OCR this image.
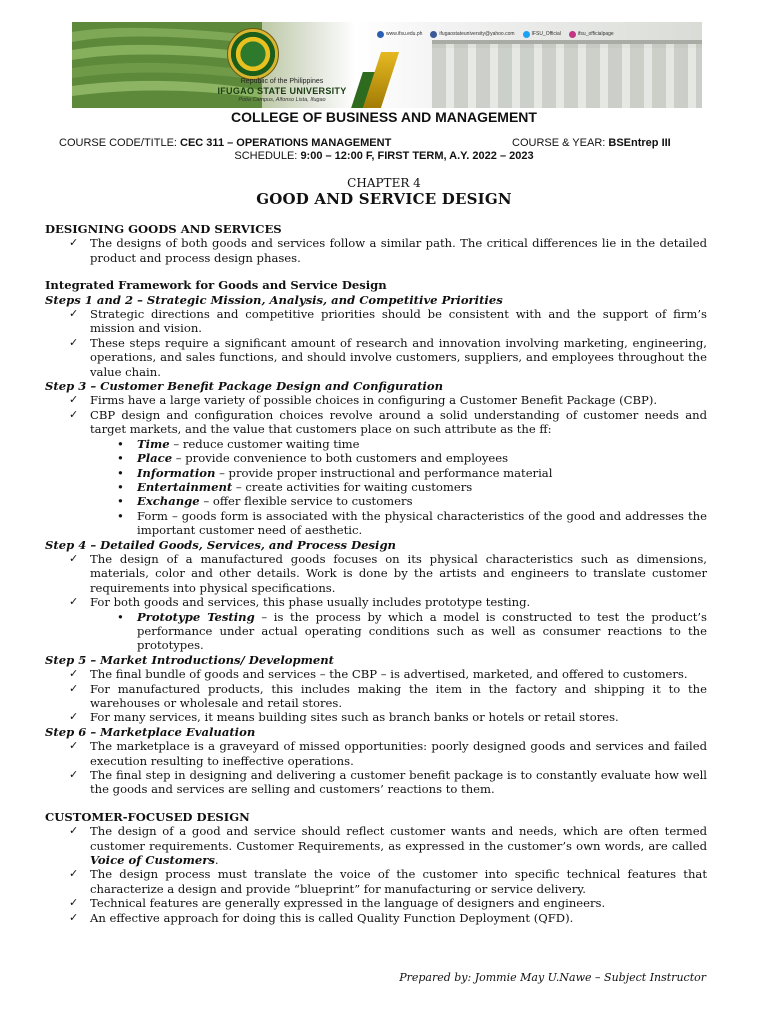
Republic of the Philippines
IFUGAO STATE UNIVERSITY
Potia Campus, Alfonso Lista, Ifugao
www.ifsu.edu.ph	ifugaostateuniversity@yahoo.com	IFSU_Official	ifsu_officialpage
COLLEGE OF BUSINESS AND MANAGEMENT
COURSE CODE/TITLE: CEC 311 – OPERATIONS MANAGEMENT	COURSE & YEAR: BSEntrep III
SCHEDULE: 9:00 – 12:00 F, FIRST TERM, A.Y. 2022 – 2023
CHAPTER 4
GOOD AND SERVICE DESIGN

DESIGNING GOODS AND SERVICES

✓ The designs of both goods and services follow a similar path. The critical differences lie in the detailed product and process design phases.

Integrated Framework for Goods and Service Design

Steps 1 and 2 – Strategic Mission, Analysis, and Competitive Priorities

✓ Strategic directions and competitive priorities should be consistent with and the support of firm’s mission and vision.
✓ These steps require a significant amount of research and innovation involving marketing, engineering, operations, and sales functions, and should involve customers, suppliers, and employees throughout the value chain.

Step 3 – Customer Benefit Package Design and Configuration

✓ Firms have a large variety of possible choices in configuring a Customer Benefit Package (CBP).
✓ CBP design and configuration choices revolve around a solid understanding of customer needs and target markets, and the value that customers place on such attribute as the ff:
• Time – reduce customer waiting time
• Place – provide convenience to both customers and employees
• Information – provide proper instructional and performance material
• Entertainment – create activities for waiting customers
• Exchange – offer flexible service to customers
• Form – goods form is associated with the physical characteristics of the good and addresses the important customer need of aesthetic.

Step 4 – Detailed Goods, Services, and Process Design

✓ The design of a manufactured goods focuses on its physical characteristics such as dimensions, materials, color and other details. Work is done by the artists and engineers to translate customer requirements into physical specifications.
✓ For both goods and services, this phase usually includes prototype testing.
• Prototype Testing – is the process by which a model is constructed to test the product’s performance under actual operating conditions such as well as consumer reactions to the prototypes.

Step 5 – Market Introductions/ Development

✓ The final bundle of goods and services – the CBP – is advertised, marketed, and offered to customers.
✓ For manufactured products, this includes making the item in the factory and shipping it to the warehouses or wholesale and retail stores.
✓ For many services, it means building sites such as branch banks or hotels or retail stores.

Step 6 – Marketplace Evaluation

✓ The marketplace is a graveyard of missed opportunities: poorly designed goods and services and failed execution resulting to ineffective operations.
✓ The final step in designing and delivering a customer benefit package is to constantly evaluate how well the goods and services are selling and customers’ reactions to them.

CUSTOMER-FOCUSED DESIGN

✓ The design of a good and service should reflect customer wants and needs, which are often termed customer requirements. Customer Requirements, as expressed in the customer’s own words, are called Voice of Customers.
✓ The design process must translate the voice of the customer into specific technical features that characterize a design and provide “blueprint” for manufacturing or service delivery.
✓ Technical features are generally expressed in the language of designers and engineers.
✓ An effective approach for doing this is called Quality Function Deployment (QFD).
Prepared by: Jommie May U.Nawe – Subject Instructor
